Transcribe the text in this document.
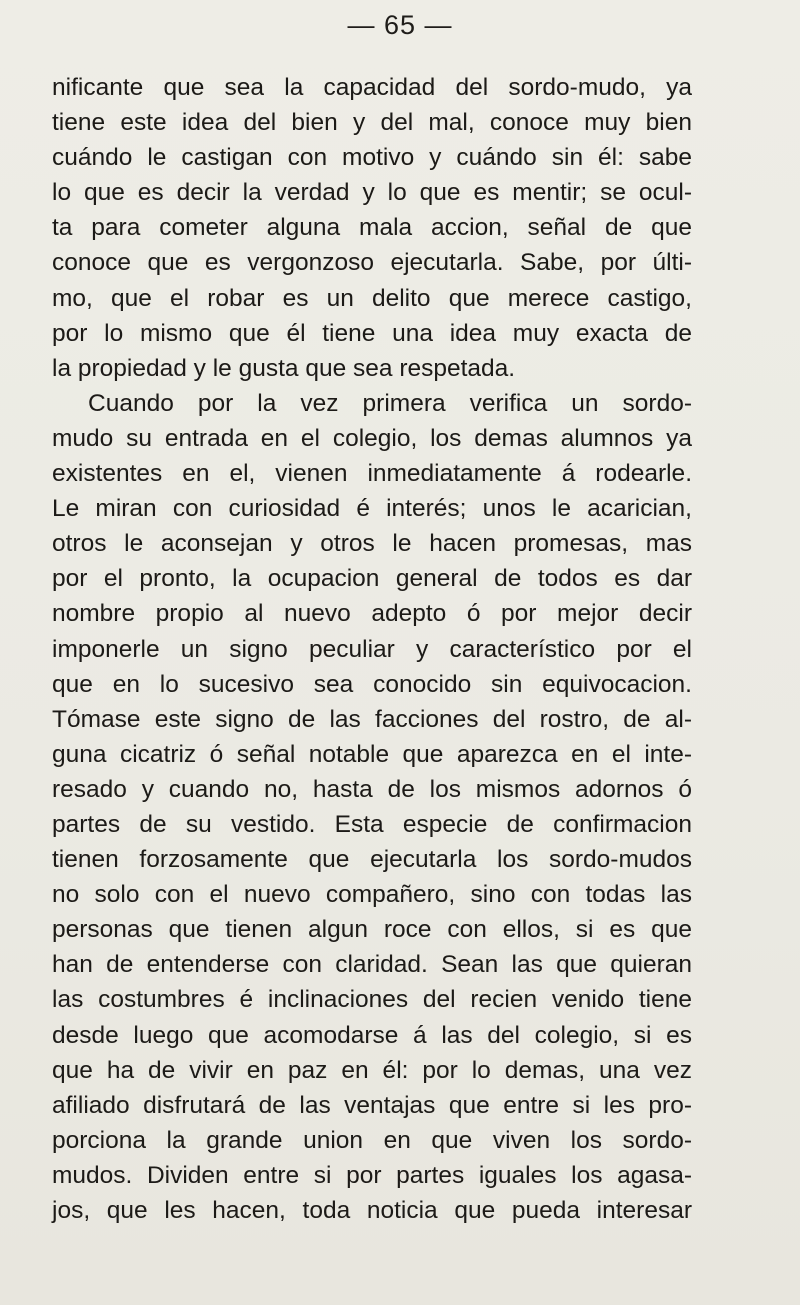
— 65 —
nificante que sea la capacidad del sordo-mudo, ya
tiene este idea del bien y del mal, conoce muy bien
cuándo le castigan con motivo y cuándo sin él: sabe
lo que es decir la verdad y lo que es mentir; se ocul-
ta para cometer alguna mala accion, señal de que
conoce que es vergonzoso ejecutarla. Sabe, por últi-
mo, que el robar es un delito que merece castigo,
por lo mismo que él tiene una idea muy exacta de
la propiedad y le gusta que sea respetada.
Cuando por la vez primera verifica un sordo-
mudo su entrada en el colegio, los demas alumnos ya
existentes en el, vienen inmediatamente á rodearle.
Le miran con curiosidad é interés; unos le acarician,
otros le aconsejan y otros le hacen promesas, mas
por el pronto, la ocupacion general de todos es dar
nombre propio al nuevo adepto ó por mejor decir
imponerle un signo peculiar y característico por el
que en lo sucesivo sea conocido sin equivocacion.
Tómase este signo de las facciones del rostro, de al-
guna cicatriz ó señal notable que aparezca en el inte-
resado y cuando no, hasta de los mismos adornos ó
partes de su vestido. Esta especie de confirmacion
tienen forzosamente que ejecutarla los sordo-mudos
no solo con el nuevo compañero, sino con todas las
personas que tienen algun roce con ellos, si es que
han de entenderse con claridad. Sean las que quieran
las costumbres é inclinaciones del recien venido tiene
desde luego que acomodarse á las del colegio, si es
que ha de vivir en paz en él: por lo demas, una vez
afiliado disfrutará de las ventajas que entre si les pro-
porciona la grande union en que viven los sordo-
mudos. Dividen entre si por partes iguales los agasa-
jos, que les hacen, toda noticia que pueda interesar
